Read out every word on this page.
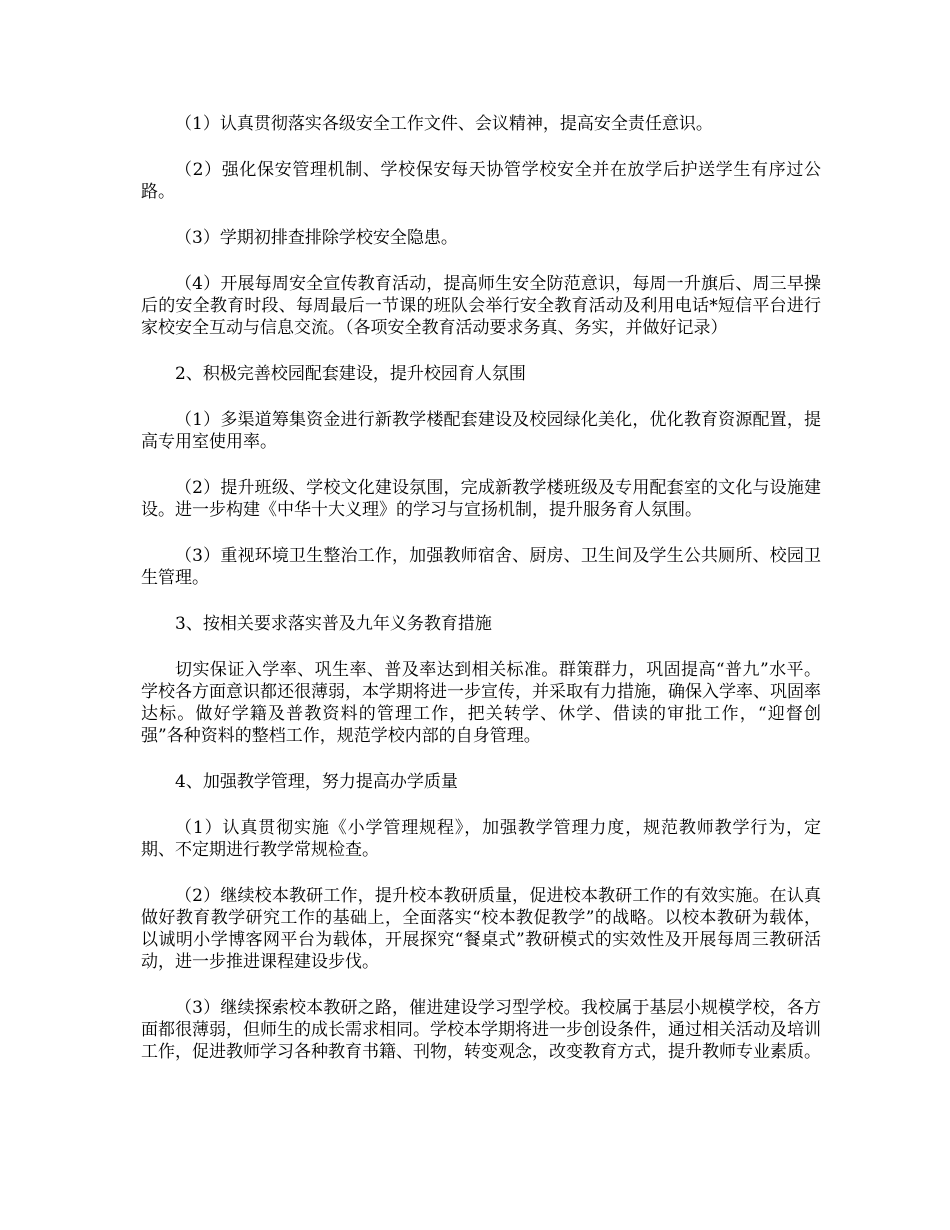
（1）认真贯彻落实各级安全工作文件、会议精神，提高安全责任意识。

（2）强化保安管理机制、学校保安每天协管学校安全并在放学后护送学生有序过公路。

（3）学期初排查排除学校安全隐患。

（4）开展每周安全宣传教育活动，提高师生安全防范意识，每周一升旗后、周三早操后的安全教育时段、每周最后一节课的班队会举行安全教育活动及利用电话*短信平台进行家校安全互动与信息交流。（各项安全教育活动要求务真、务实，并做好记录）

2、积极完善校园配套建设，提升校园育人氛围

（1）多渠道筹集资金进行新教学楼配套建设及校园绿化美化，优化教育资源配置，提高专用室使用率。

（2）提升班级、学校文化建设氛围，完成新教学楼班级及专用配套室的文化与设施建设。进一步构建《中华十大义理》的学习与宣扬机制，提升服务育人氛围。

（3）重视环境卫生整治工作，加强教师宿舍、厨房、卫生间及学生公共厕所、校园卫生管理。

3、按相关要求落实普及九年义务教育措施

切实保证入学率、巩生率、普及率达到相关标准。群策群力，巩固提高“普九”水平。学校各方面意识都还很薄弱，本学期将进一步宣传，并采取有力措施，确保入学率、巩固率达标。做好学籍及普教资料的管理工作，把关转学、休学、借读的审批工作，“迎督创强”各种资料的整档工作，规范学校内部的自身管理。

4、加强教学管理，努力提高办学质量

（1）认真贯彻实施《小学管理规程》，加强教学管理力度，规范教师教学行为，定期、不定期进行教学常规检查。

（2）继续校本教研工作，提升校本教研质量，促进校本教研工作的有效实施。在认真做好教育教学研究工作的基础上，全面落实“校本教促教学”的战略。以校本教研为载体，以诚明小学博客网平台为载体，开展探究“餐桌式”教研模式的实效性及开展每周三教研活动，进一步推进课程建设步伐。

（3）继续探索校本教研之路，催进建设学习型学校。我校属于基层小规模学校，各方面都很薄弱，但师生的成长需求相同。学校本学期将进一步创设条件，通过相关活动及培训工作，促进教师学习各种教育书籍、刊物，转变观念，改变教育方式，提升教师专业素质。
